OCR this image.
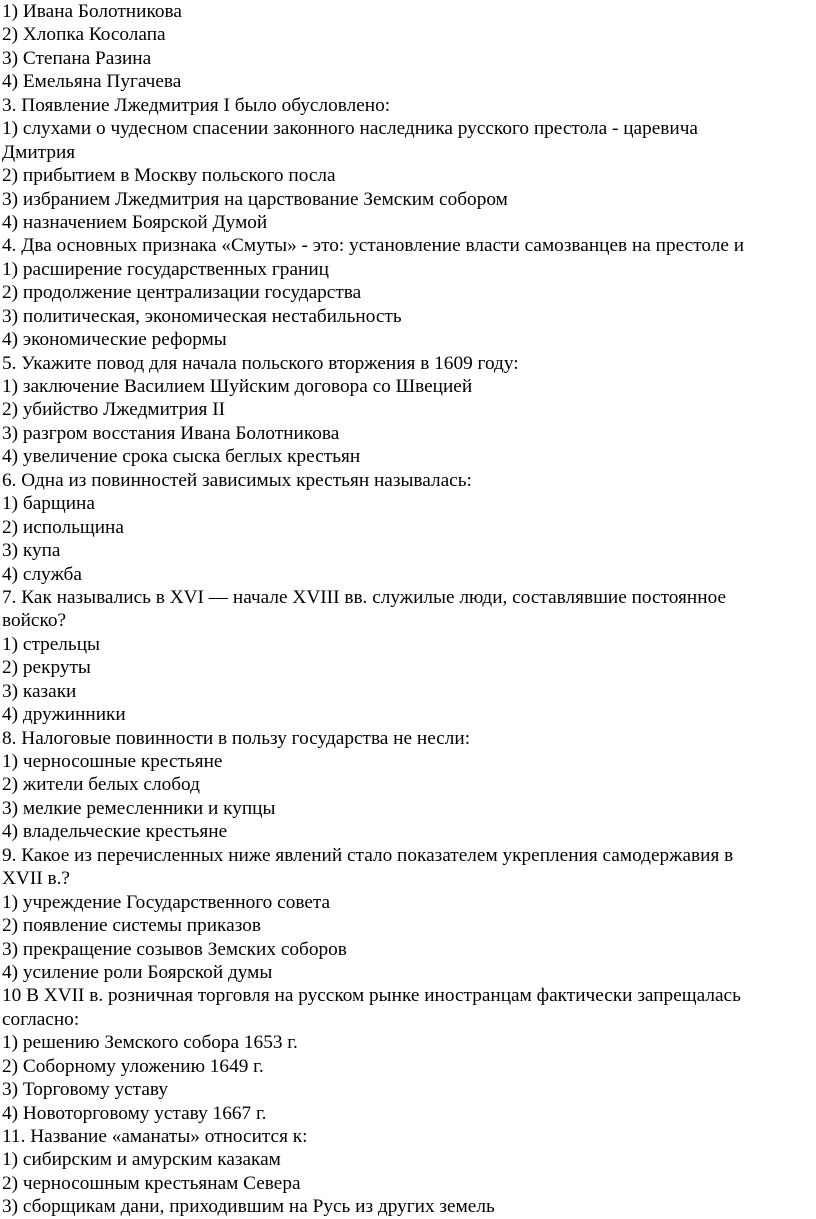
1) Ивана Болотникова
2) Хлопка Косолапа
3) Степана Разина
4) Емельяна Пугачева
3. Появление Лжедмитрия I было обусловлено:
1) слухами о чудесном спасении законного наследника русского престола - царевича
Дмитрия
2) прибытием в Москву польского посла
3) избранием Лжедмитрия на царствование Земским собором
4) назначением Боярской Думой
4. Два основных признака «Смуты» - это: установление власти самозванцев на престоле и
1) расширение государственных границ
2) продолжение централизации государства
3) политическая, экономическая нестабильность
4) экономические реформы
5. Укажите повод для начала польского вторжения в 1609 году:
1) заключение Василием Шуйским договора со Швецией
2) убийство Лжедмитрия II
3) разгром восстания Ивана Болотникова
4) увеличение срока сыска беглых крестьян
6. Одна из повинностей зависимых крестьян называлась:
1) барщина
2) испольщина
3) купа
4) служба
7. Как назывались в XVI — начале XVIII вв. служилые люди, составлявшие постоянное
войско?
1) стрельцы
2) рекруты
3) казаки
4) дружинники
8. Налоговые повинности в пользу государства не несли:
1) черносошные крестьяне
2) жители белых слобод
3) мелкие ремесленники и купцы
4) владельческие крестьяне
9. Какое из перечисленных ниже явлений стало показателем укрепления самодержавия в
XVII в.?
1) учреждение Государственного совета
2) появление системы приказов
3) прекращение созывов Земских соборов
4) усиление роли Боярской думы
10 В XVII в. розничная торговля на русском рынке иностранцам фактически запрещалась
согласно:
1) решению Земского собора 1653 г.
2) Соборному уложению 1649 г.
3) Торговому уставу
4) Новоторговому уставу 1667 г.
11. Название «аманаты» относится к:
1) сибирским и амурским казакам
2) черносошным крестьянам Севера
3) сборщикам дани, приходившим на Русь из других земель
